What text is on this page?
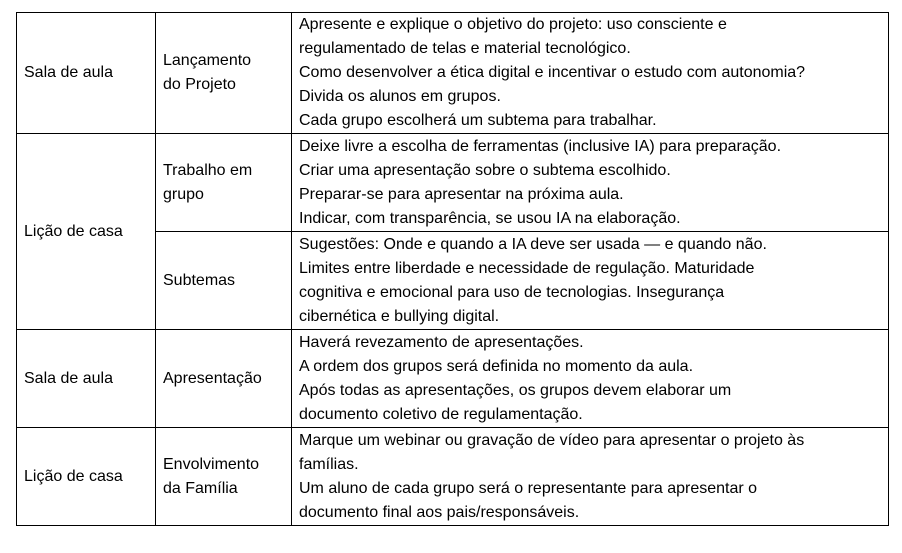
Sala de aula	Lançamento
do Projeto	Apresente e explique o objetivo do projeto: uso consciente e
regulamentado de telas e material tecnológico.
Como desenvolver a ética digital e incentivar o estudo com autonomia?
Divida os alunos em grupos.
Cada grupo escolherá um subtema para trabalhar.

Lição de casa	Trabalho em
grupo	Deixe livre a escolha de ferramentas (inclusive IA) para preparação.
Criar uma apresentação sobre o subtema escolhido.
Preparar-se para apresentar na próxima aula.
Indicar, com transparência, se usou IA na elaboração.

	Subtemas	Sugestões: Onde e quando a IA deve ser usada — e quando não.
Limites entre liberdade e necessidade de regulação. Maturidade
cognitiva e emocional para uso de tecnologias. Insegurança
cibernética e bullying digital.

Sala de aula	Apresentação	Haverá revezamento de apresentações.
A ordem dos grupos será definida no momento da aula.
Após todas as apresentações, os grupos devem elaborar um
documento coletivo de regulamentação.

Lição de casa	Envolvimento
da Família	Marque um webinar ou gravação de vídeo para apresentar o projeto às
famílias.
Um aluno de cada grupo será o representante para apresentar o
documento final aos pais/responsáveis.
